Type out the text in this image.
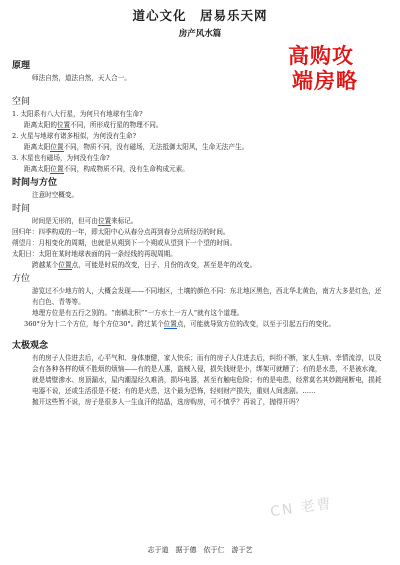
道心文化　居易乐天网
房产风水篇
高购攻
端房略
原理

师法自然，道法自然，天人合一。

空间

1. 太阳系有八大行星，为何只有地球有生命?

距离太阳的位置不同，所形成行星的物理不同。

2. 火星与地球有诸多相似，为何没有生命?

距离太阳位置不同，物质不同，没有磁场，无法抵御太阳风，生命无法产生。

3. 木星也有磁场，为何没有生命?

距离太阳位置不同，构成物质不同，没有生命构成元素。

时间与方位

注意时空概变。

时间

时间是无形的，但可由位置来标记。

回归年：四季构成的一年，即太阳中心从春分点再到春分点所经历的时间。

朔望月：月相变化的周期，也就是从朔到下一个朔或从望到下一个望的时间。

太阳日：太阳在某时地球表面的同一条经线的再现周期。

跨越某个位置点，可能是时辰的改变，日子、月份的改变，甚至是年的改变。

方位

游览过不少地方的人，大概会发现——不同地区，土壤的颜色不同：东北地区黑色，西北华北黄色，南方大多是红色，还有白色、青等等。

地理方位是有五行之别的。“南稿北积”“一方水土一方人”就有这个道理。

360°分为十二个方位，每个方位30°。跨过某个位置点，可能就导致方位的改变，以至于引起五行的变化。

太极观念

有的房子人住进去后，心平气和、身体康健，家人快乐；而有的房子人住进去后，纠纷不断，家人生病、幸情流淳，以及会有各种各样的烦不胜烦的烦恼——有的是人惠，盗贼入侵，损失钱财是小，绑架可就糟了；有的是水患，不是被水淹，就是墙壁渗水、房顶漏水，屋内潮湿经久难消，损坏电器，甚至有触电危险；有的是电患，经常莫名其妙跳闸断电，损耗电器不说，还或生活很是不便；有的是火患，这个最为恐怖，轻则财产损失，重则人间悲剧。……

抛开这些暂不说，房子是很多人一生血汗的结晶，选房购房，可不慎乎？再说了，抛得开吗？

CN 老曹
志于道　据于德　依于仁　游于艺
